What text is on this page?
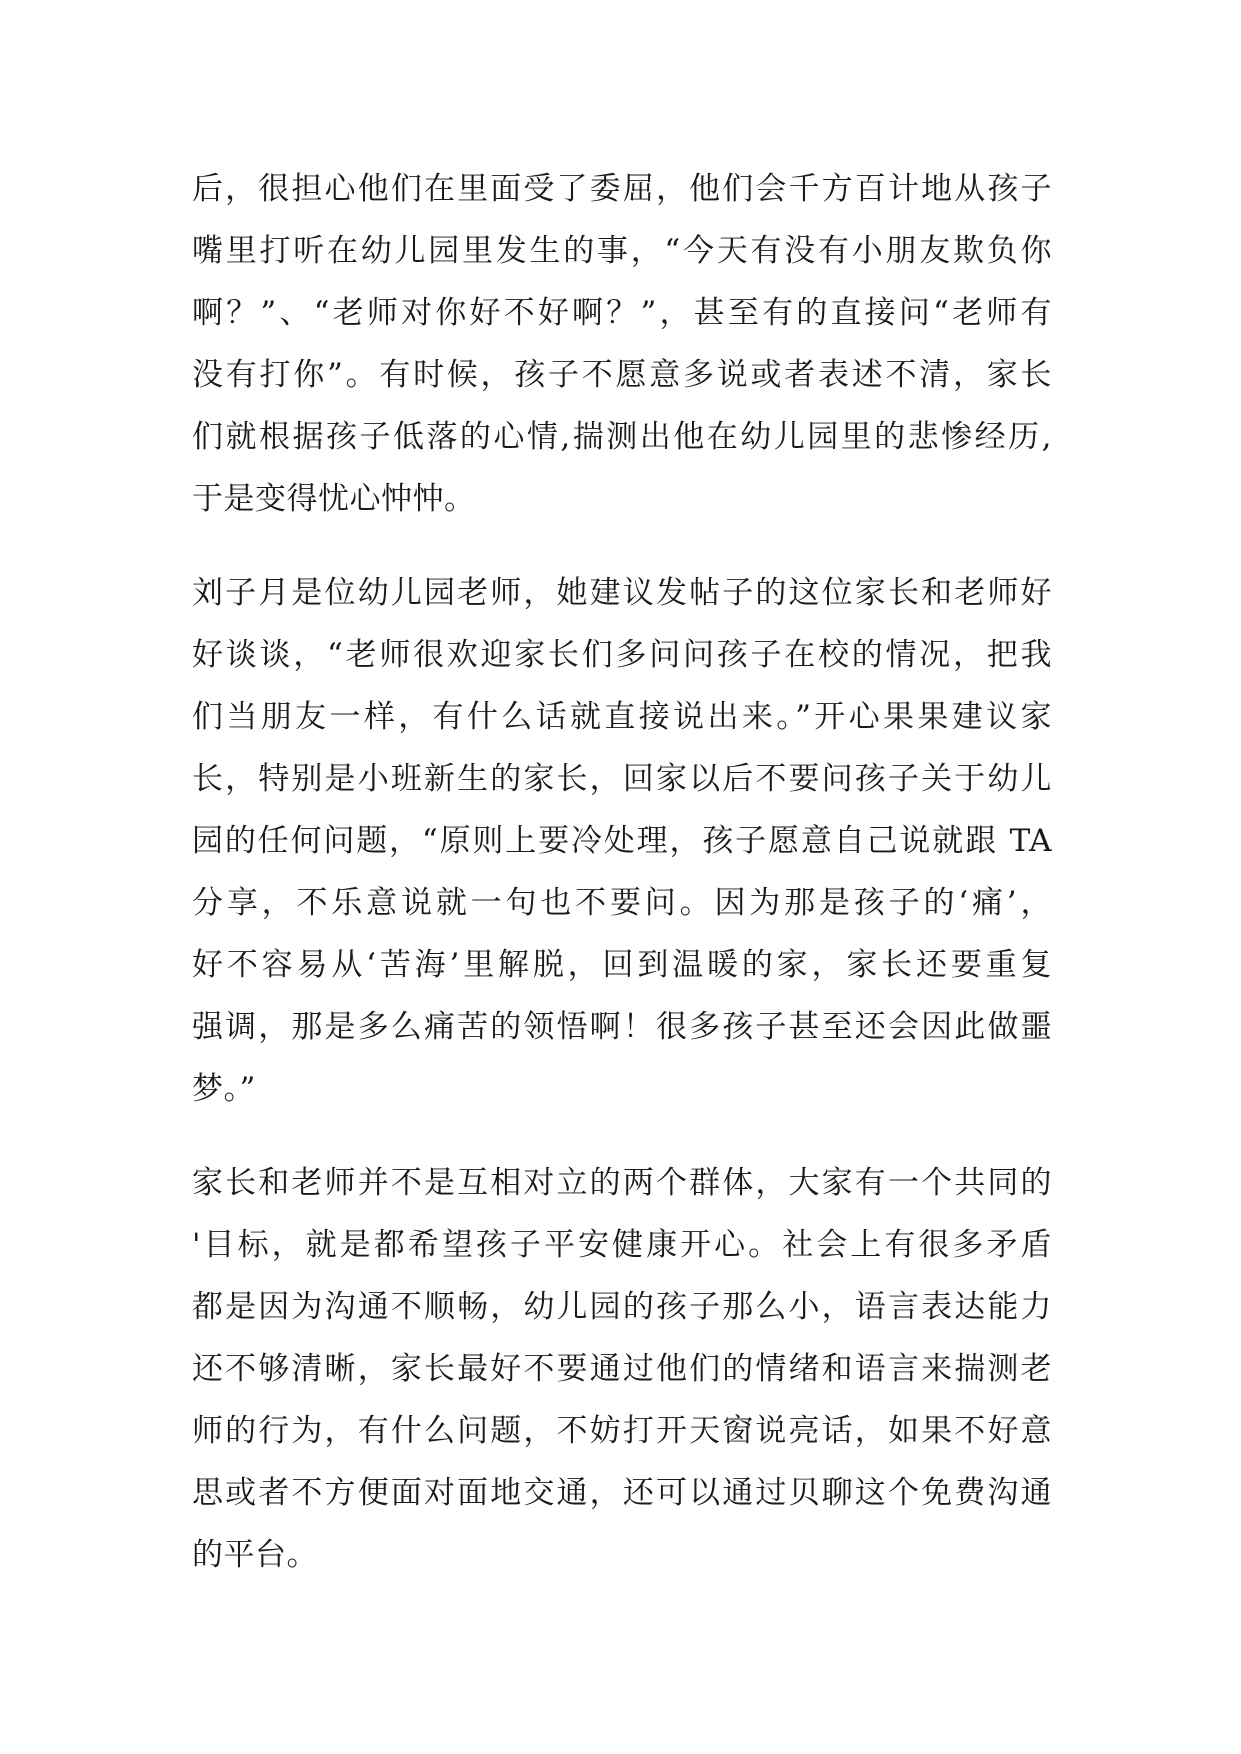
后，很担心他们在里面受了委屈，他们会千方百计地从孩子
嘴里打听在幼儿园里发生的事，“今天有没有小朋友欺负你
啊？”、“老师对你好不好啊？”，甚至有的直接问“老师有
没有打你”。有时候，孩子不愿意多说或者表述不清，家长
们就根据孩子低落的心情,揣测出他在幼儿园里的悲惨经历,
于是变得忧心忡忡。
刘子月是位幼儿园老师，她建议发帖子的这位家长和老师好
好谈谈，“老师很欢迎家长们多问问孩子在校的情况，把我
们当朋友一样，有什么话就直接说出来。”开心果果建议家
长，特别是小班新生的家长，回家以后不要问孩子关于幼儿
园的任何问题，“原则上要冷处理，孩子愿意自己说就跟 TA
分享，不乐意说就一句也不要问。因为那是孩子的‘痛’，
好不容易从‘苦海’里解脱，回到温暖的家，家长还要重复
强调，那是多么痛苦的领悟啊！很多孩子甚至还会因此做噩
梦。”
家长和老师并不是互相对立的两个群体，大家有一个共同的
'目标，就是都希望孩子平安健康开心。社会上有很多矛盾
都是因为沟通不顺畅，幼儿园的孩子那么小，语言表达能力
还不够清晰，家长最好不要通过他们的情绪和语言来揣测老
师的行为，有什么问题，不妨打开天窗说亮话，如果不好意
思或者不方便面对面地交通，还可以通过贝聊这个免费沟通
的平台。
